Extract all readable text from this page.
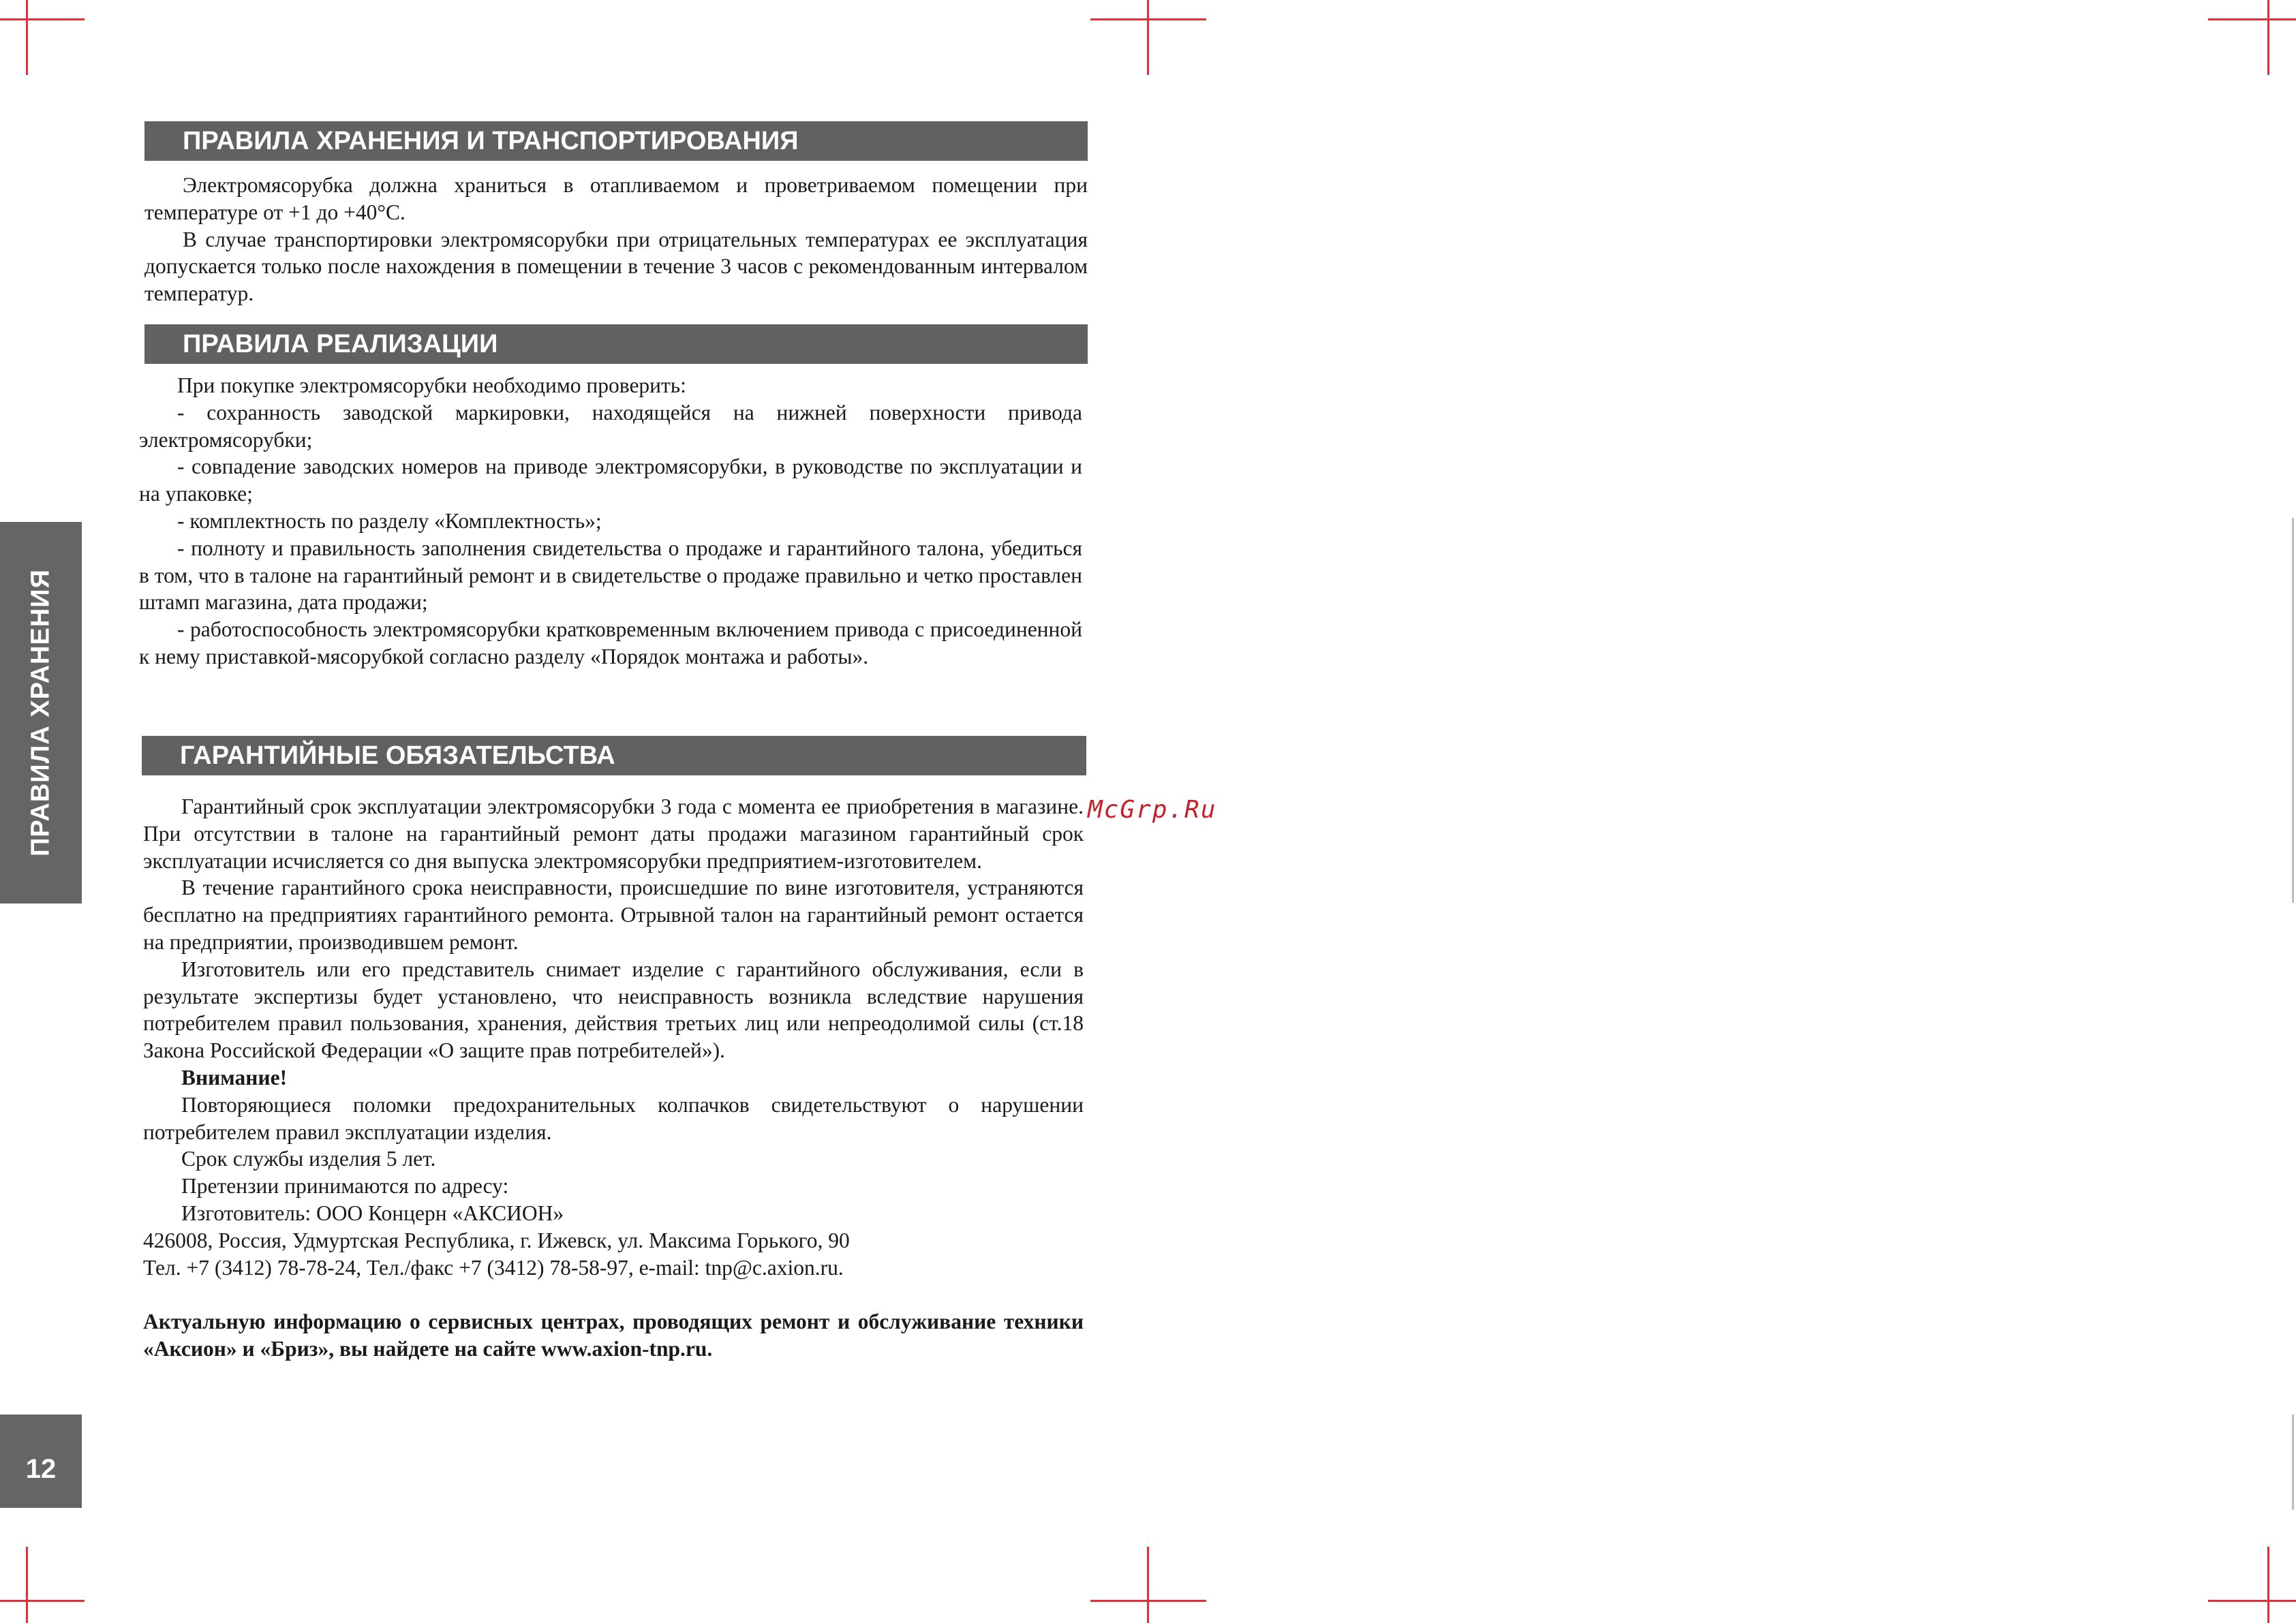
ПРАВИЛА ХРАНЕНИЯ
12
ПРАВИЛА ХРАНЕНИЯ И ТРАНСПОРТИРОВАНИЯ

Электромясорубка должна храниться в отапливаемом и проветриваемом помещении при температуре от +1 до +40°C.

В случае транспортировки электромясорубки при отрицательных температурах ее эксплуатация допускается только после нахождения в помещении в течение 3 часов с рекомендованным интервалом температур.

ПРАВИЛА РЕАЛИЗАЦИИ

При покупке электромясорубки необходимо проверить:

- сохранность заводской маркировки, находящейся на нижней поверхности привода электромясорубки;

- совпадение заводских номеров на приводе электромясорубки, в руководстве по эксплуатации и на упаковке;

- комплектность по разделу «Комплектность»;

- полноту и правильность заполнения свидетельства о продаже и гарантийного талона, убедиться в том, что в талоне на гарантийный ремонт и в свидетельстве о продаже правильно и четко проставлен штамп магазина, дата продажи;

- работоспособность электромясорубки кратковременным включением привода с присоединенной к нему приставкой-мясорубкой согласно разделу «Порядок монтажа и работы».

ГАРАНТИЙНЫЕ ОБЯЗАТЕЛЬСТВА

Гарантийный срок эксплуатации электромясорубки 3 года с момента ее приобретения в магазине. При отсутствии в талоне на гарантийный ремонт даты продажи магазином гарантийный срок эксплуатации исчисляется со дня выпуска электромясорубки предприятием-изготовителем.

В течение гарантийного срока неисправности, происшедшие по вине изготовителя, устраняются бесплатно на предприятиях гарантийного ремонта. Отрывной талон на гарантийный ремонт остается на предприятии, производившем ремонт.

Изготовитель или его представитель снимает изделие с гарантийного обслуживания, если в результате экспертизы будет установлено, что неисправность возникла вследствие нарушения потребителем правил пользования, хранения, действия третьих лиц или непреодолимой силы (ст.18 Закона Российской Федерации «О защите прав потребителей»).

Внимание!

Повторяющиеся поломки предохранительных колпачков свидетельствуют о нарушении потребителем правил эксплуатации изделия.

Срок службы изделия 5 лет.

Претензии принимаются по адресу:

Изготовитель: ООО Концерн «АКСИОН»

426008, Россия, Удмуртская Республика, г. Ижевск, ул. Максима Горького, 90

Тел. +7 (3412) 78-78-24, Тел./факс +7 (3412) 78-58-97, e-mail: tnp@c.axion.ru.

Актуальную информацию о сервисных центрах, проводящих ремонт и обслуживание техники «Аксион» и «Бриз», вы найдете на сайте www.axion-tnp.ru.

McGrp.Ru
